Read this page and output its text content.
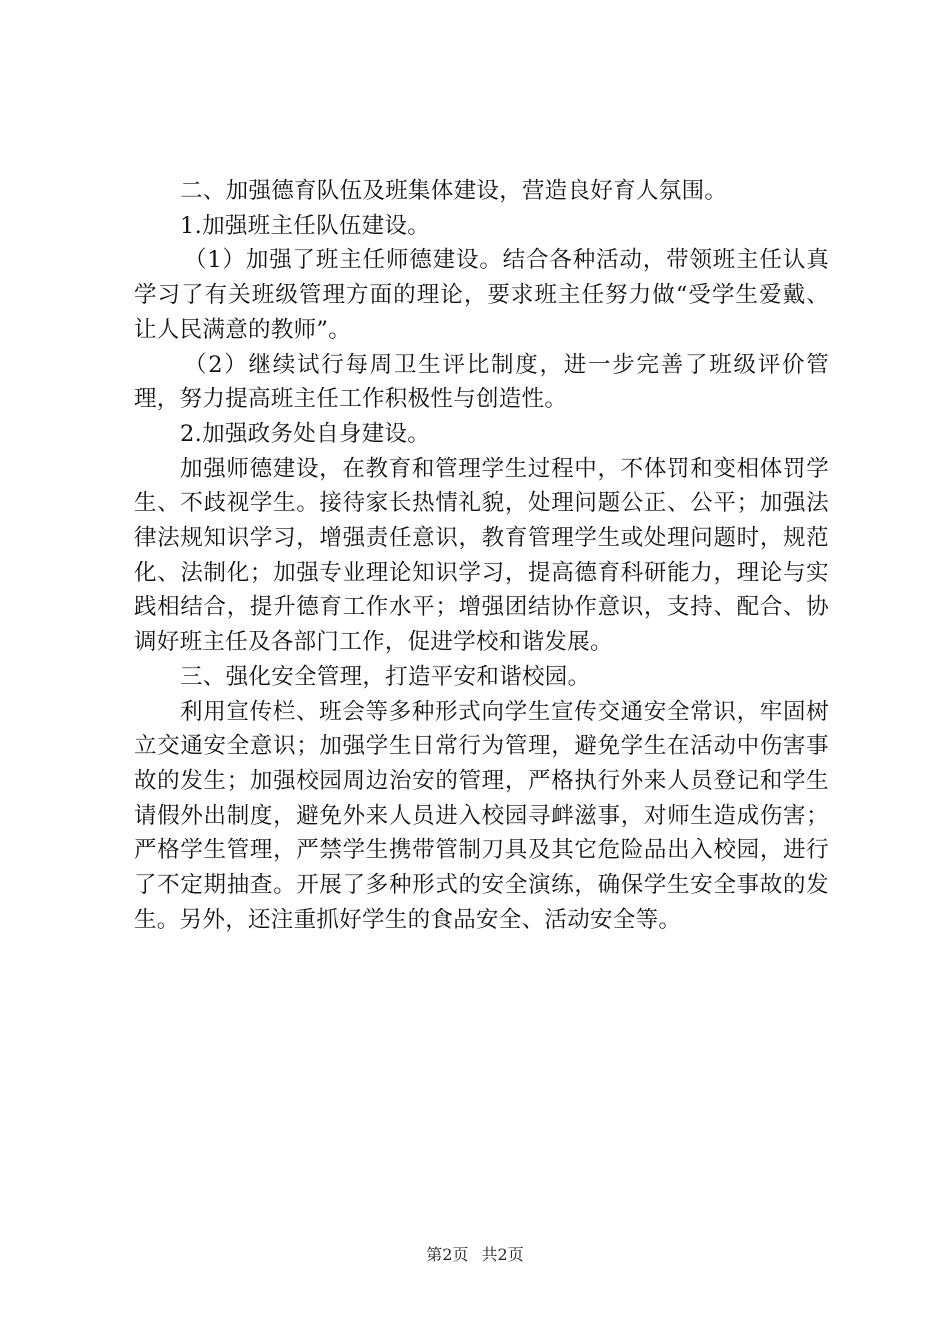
二、加强德育队伍及班集体建设，营造良好育人氛围。

1.加强班主任队伍建设。

（1）加强了班主任师德建设。结合各种活动，带领班主任认真学习了有关班级管理方面的理论，要求班主任努力做“受学生爱戴、让人民满意的教师”。

（2）继续试行每周卫生评比制度，进一步完善了班级评价管理，努力提高班主任工作积极性与创造性。

2.加强政务处自身建设。

加强师德建设，在教育和管理学生过程中，不体罚和变相体罚学生、不歧视学生。接待家长热情礼貌，处理问题公正、公平；加强法律法规知识学习，增强责任意识，教育管理学生或处理问题时，规范化、法制化；加强专业理论知识学习，提高德育科研能力，理论与实践相结合，提升德育工作水平；增强团结协作意识，支持、配合、协调好班主任及各部门工作，促进学校和谐发展。

三、强化安全管理，打造平安和谐校园。

利用宣传栏、班会等多种形式向学生宣传交通安全常识，牢固树立交通安全意识；加强学生日常行为管理，避免学生在活动中伤害事故的发生；加强校园周边治安的管理，严格执行外来人员登记和学生请假外出制度，避免外来人员进入校园寻衅滋事，对师生造成伤害；严格学生管理，严禁学生携带管制刀具及其它危险品出入校园，进行了不定期抽查。开展了多种形式的安全演练，确保学生安全事故的发生。另外，还注重抓好学生的食品安全、活动安全等。

第2页 共2页
